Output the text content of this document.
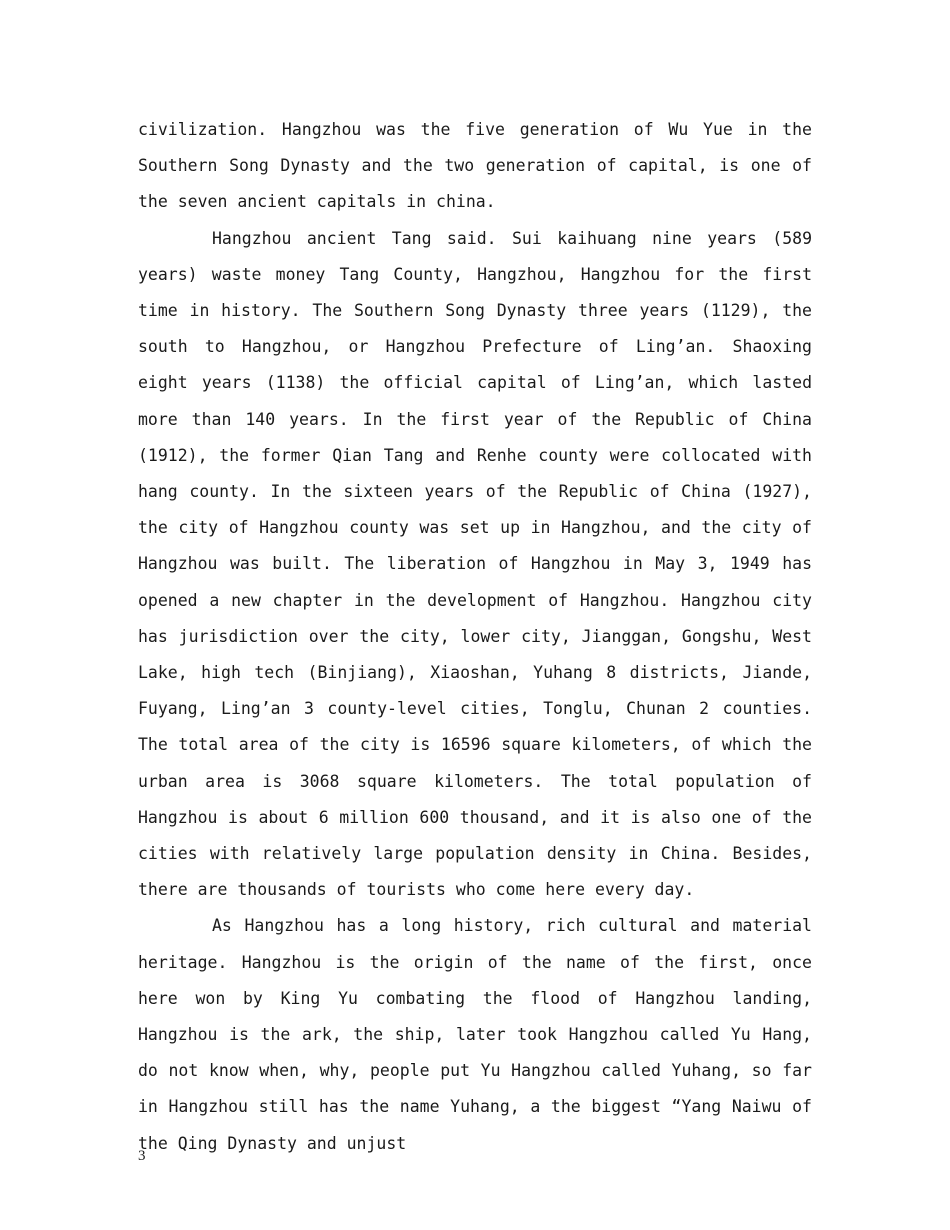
civilization. Hangzhou was the five generation of Wu Yue in the Southern Song Dynasty and the two generation of capital, is one of the seven ancient capitals in china.

Hangzhou ancient Tang said. Sui kaihuang nine years (589 years) waste money Tang County, Hangzhou, Hangzhou for the first time in history. The Southern Song Dynasty three years (1129), the south to Hangzhou, or Hangzhou Prefecture of Ling’an. Shaoxing eight years (1138) the official capital of Ling’an, which lasted more than 140 years. In the first year of the Republic of China (1912), the former Qian Tang and Renhe county were collocated with hang county. In the sixteen years of the Republic of China (1927), the city of Hangzhou county was set up in Hangzhou, and the city of Hangzhou was built. The liberation of Hangzhou in May 3, 1949 has opened a new chapter in the development of Hangzhou. Hangzhou city has jurisdiction over the city, lower city, Jianggan, Gongshu, West Lake, high tech (Binjiang), Xiaoshan, Yuhang 8 districts, Jiande, Fuyang, Ling’an 3 county-level cities, Tonglu, Chunan 2 counties. The total area of the city is 16596 square kilometers, of which the urban area is 3068 square kilometers. The total population of Hangzhou is about 6 million 600 thousand, and it is also one of the cities with relatively large population density in China. Besides, there are thousands of tourists who come here every day.

As Hangzhou has a long history, rich cultural and material heritage. Hangzhou is the origin of the name of the first, once here won by King Yu combating the flood of Hangzhou landing, Hangzhou is the ark, the ship, later took Hangzhou called Yu Hang, do not know when, why, people put Yu Hangzhou called Yuhang, so far in Hangzhou still has the name Yuhang, a the biggest “Yang Naiwu of the Qing Dynasty and unjust

3
